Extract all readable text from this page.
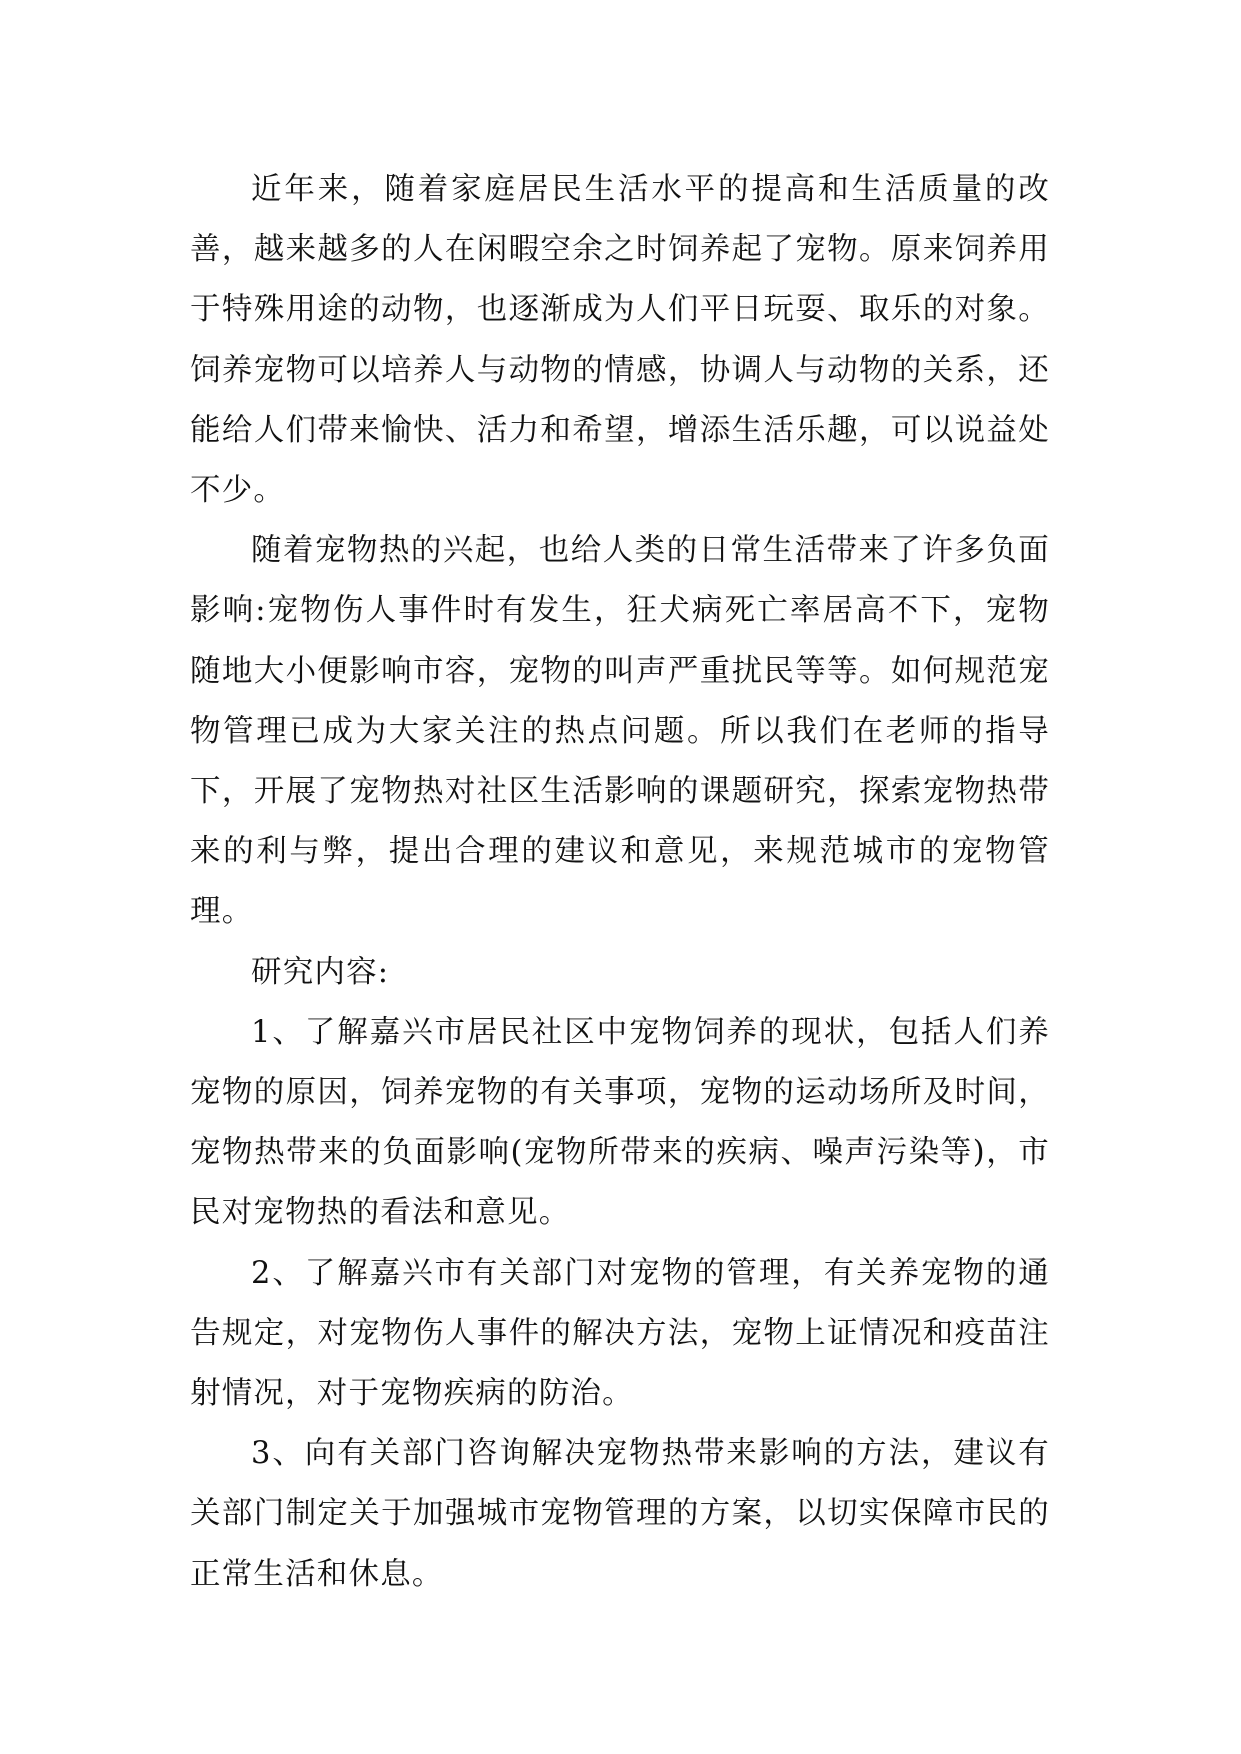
近年来，随着家庭居民生活水平的提高和生活质量的改善，越来越多的人在闲暇空余之时饲养起了宠物。原来饲养用于特殊用途的动物，也逐渐成为人们平日玩耍、取乐的对象。饲养宠物可以培养人与动物的情感，协调人与动物的关系，还能给人们带来愉快、活力和希望，增添生活乐趣，可以说益处不少。

随着宠物热的兴起，也给人类的日常生活带来了许多负面影响:宠物伤人事件时有发生，狂犬病死亡率居高不下，宠物随地大小便影响市容，宠物的叫声严重扰民等等。如何规范宠物管理已成为大家关注的热点问题。所以我们在老师的指导下，开展了宠物热对社区生活影响的课题研究，探索宠物热带来的利与弊，提出合理的建议和意见，来规范城市的宠物管理。

研究内容:

1、了解嘉兴市居民社区中宠物饲养的现状，包括人们养宠物的原因，饲养宠物的有关事项，宠物的运动场所及时间，宠物热带来的负面影响(宠物所带来的疾病、噪声污染等)，市民对宠物热的看法和意见。

2、了解嘉兴市有关部门对宠物的管理，有关养宠物的通告规定，对宠物伤人事件的解决方法，宠物上证情况和疫苗注射情况，对于宠物疾病的防治。

3、向有关部门咨询解决宠物热带来影响的方法，建议有关部门制定关于加强城市宠物管理的方案，以切实保障市民的正常生活和休息。
